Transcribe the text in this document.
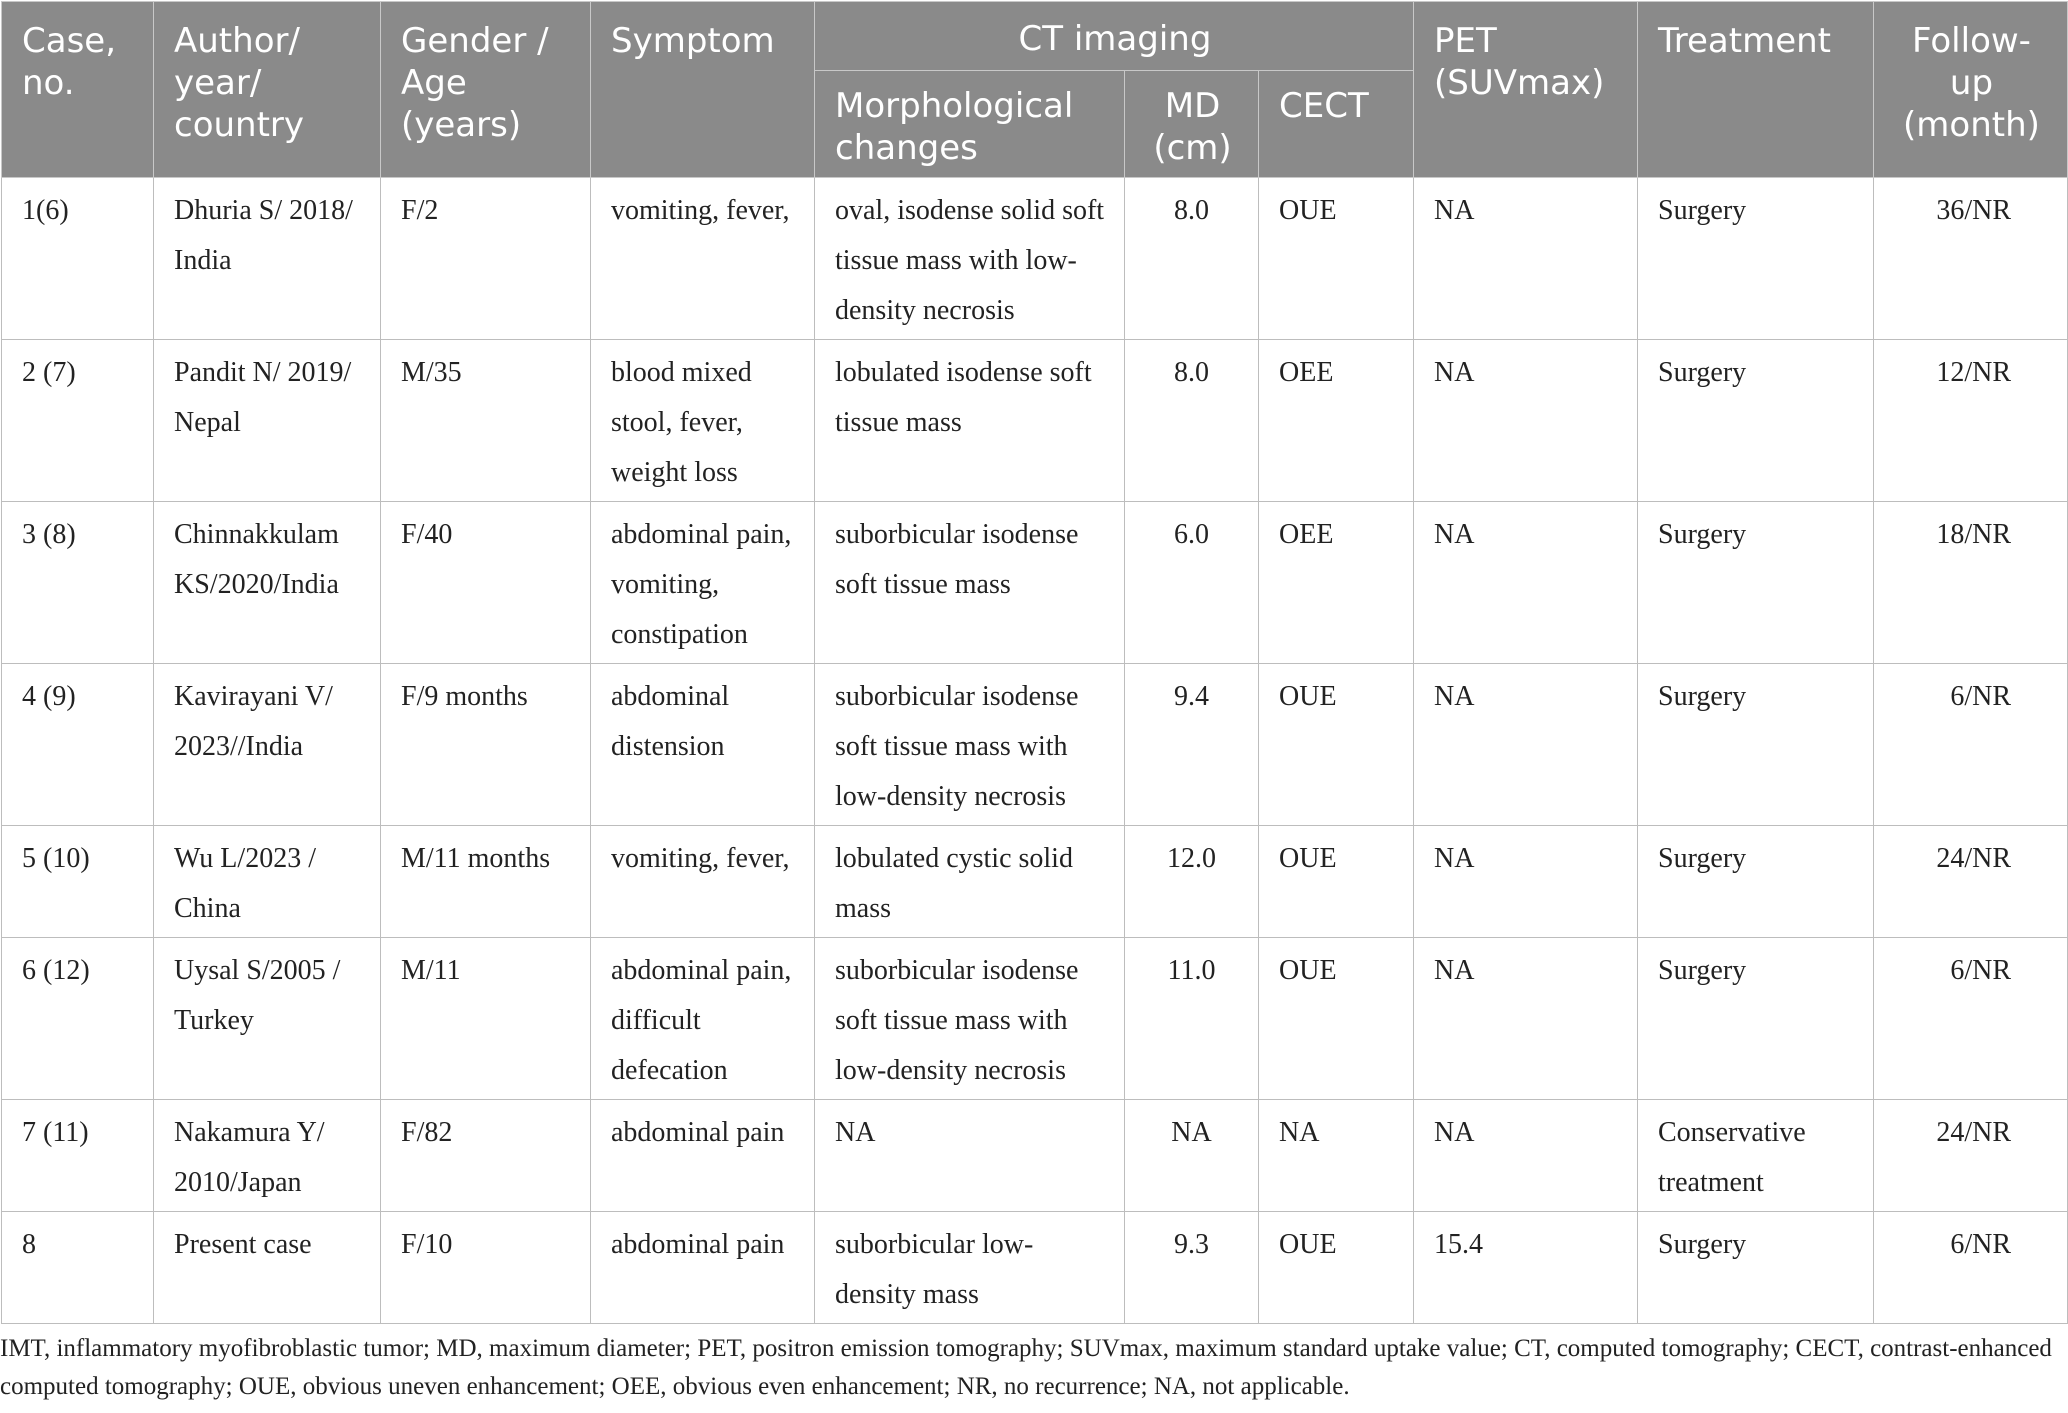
Case, no.	Author/ year/ country	Gender / Age (years)	Symptom	CT imaging			PET (SUVmax)	Treatment	Follow-up (month)
				Morphological changes	MD (cm)	CECT			
1(6)	Dhuria S/ 2018/ India	F/2	vomiting, fever,	oval, isodense solid soft tissue mass with low-density necrosis	8.0	OUE	NA	Surgery	36/NR
2 (7)	Pandit N/ 2019/ Nepal	M/35	blood mixed stool, fever, weight loss	lobulated isodense soft tissue mass	8.0	OEE	NA	Surgery	12/NR
3 (8)	Chinnakkulam KS/2020/India	F/40	abdominal pain, vomiting, constipation	suborbicular isodense soft tissue mass	6.0	OEE	NA	Surgery	18/NR
4 (9)	Kavirayani V/ 2023//India	F/9 months	abdominal distension	suborbicular isodense soft tissue mass with low-density necrosis	9.4	OUE	NA	Surgery	6/NR
5 (10)	Wu L/2023 / China	M/11 months	vomiting, fever,	lobulated cystic solid mass	12.0	OUE	NA	Surgery	24/NR
6 (12)	Uysal S/2005 / Turkey	M/11	abdominal pain, difficult defecation	suborbicular isodense soft tissue mass with low-density necrosis	11.0	OUE	NA	Surgery	6/NR
7 (11)	Nakamura Y/ 2010/Japan	F/82	abdominal pain	NA	NA	NA	NA	Conservative treatment	24/NR
8	Present case	F/10	abdominal pain	suborbicular low-density mass	9.3	OUE	15.4	Surgery	6/NR
IMT, inflammatory myofibroblastic tumor; MD, maximum diameter; PET, positron emission tomography; SUVmax, maximum standard uptake value; CT, computed tomography; CECT, contrast-enhanced computed tomography; OUE, obvious uneven enhancement; OEE, obvious even enhancement; NR, no recurrence; NA, not applicable.
